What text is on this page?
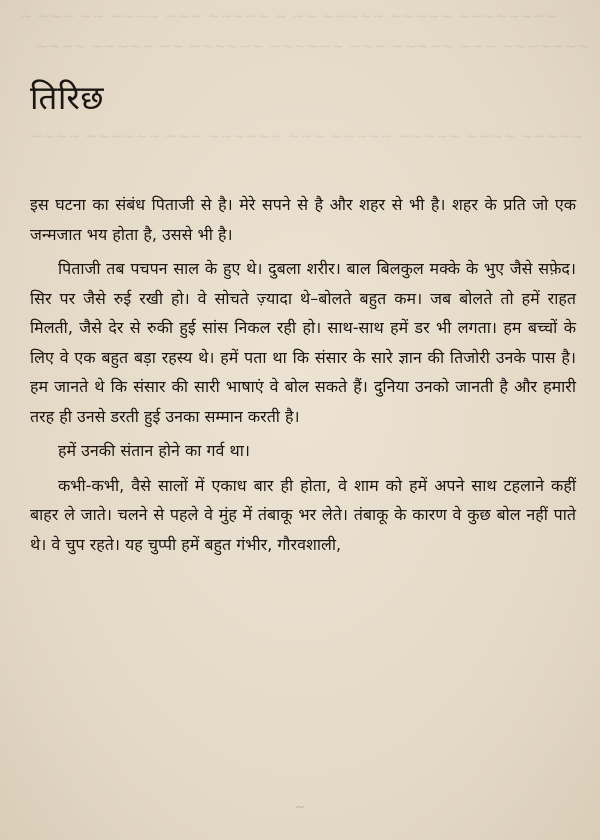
~ ~~~ ~~ ~~~~ ~~~ ~~~~~ ~ ~~ ~~~~~ ~~~~~ ~~~~~~~~
~~~~ ~~~~~ ~~ ~~~~~~ ~~~~~~ ~~~ ~~~~~ ~~~ ~~~~~~~
~~~~ ~~~~~~ ~~~ ~~~~~~ ~~~ ~~~~~ ~~~~~ ~~~~ ~~~~~
तिरिछ

इस घटना का संबंध पिताजी से है। मेरे सपने से है और शहर से भी है। शहर के प्रति जो एक जन्मजात भय होता है, उससे भी है।

पिताजी तब पचपन साल के हुए थे। दुबला शरीर। बाल बिलकुल मक्के के भुए जैसे सफ़ेद। सिर पर जैसे रुई रखी हो। वे सोचते ज़्यादा थे–बोलते बहुत कम। जब बोलते तो हमें राहत मिलती, जैसे देर से रुकी हुई सांस निकल रही हो। साथ-साथ हमें डर भी लगता। हम बच्चों के लिए वे एक बहुत बड़ा रहस्य थे। हमें पता था कि संसार के सारे ज्ञान की तिजोरी उनके पास है। हम जानते थे कि संसार की सारी भाषाएं वे बोल सकते हैं। दुनिया उनको जानती है और हमारी तरह ही उनसे डरती हुई उनका सम्मान करती है।

हमें उनकी संतान होने का गर्व था।

कभी-कभी, वैसे सालों में एकाध बार ही होता, वे शाम को हमें अपने साथ टहलाने कहीं बाहर ले जाते। चलने से पहले वे मुंह में तंबाकू भर लेते। तंबाकू के कारण वे कुछ बोल नहीं पाते थे। वे चुप रहते। यह चुप्पी हमें बहुत गंभीर, गौरवशाली,

~
